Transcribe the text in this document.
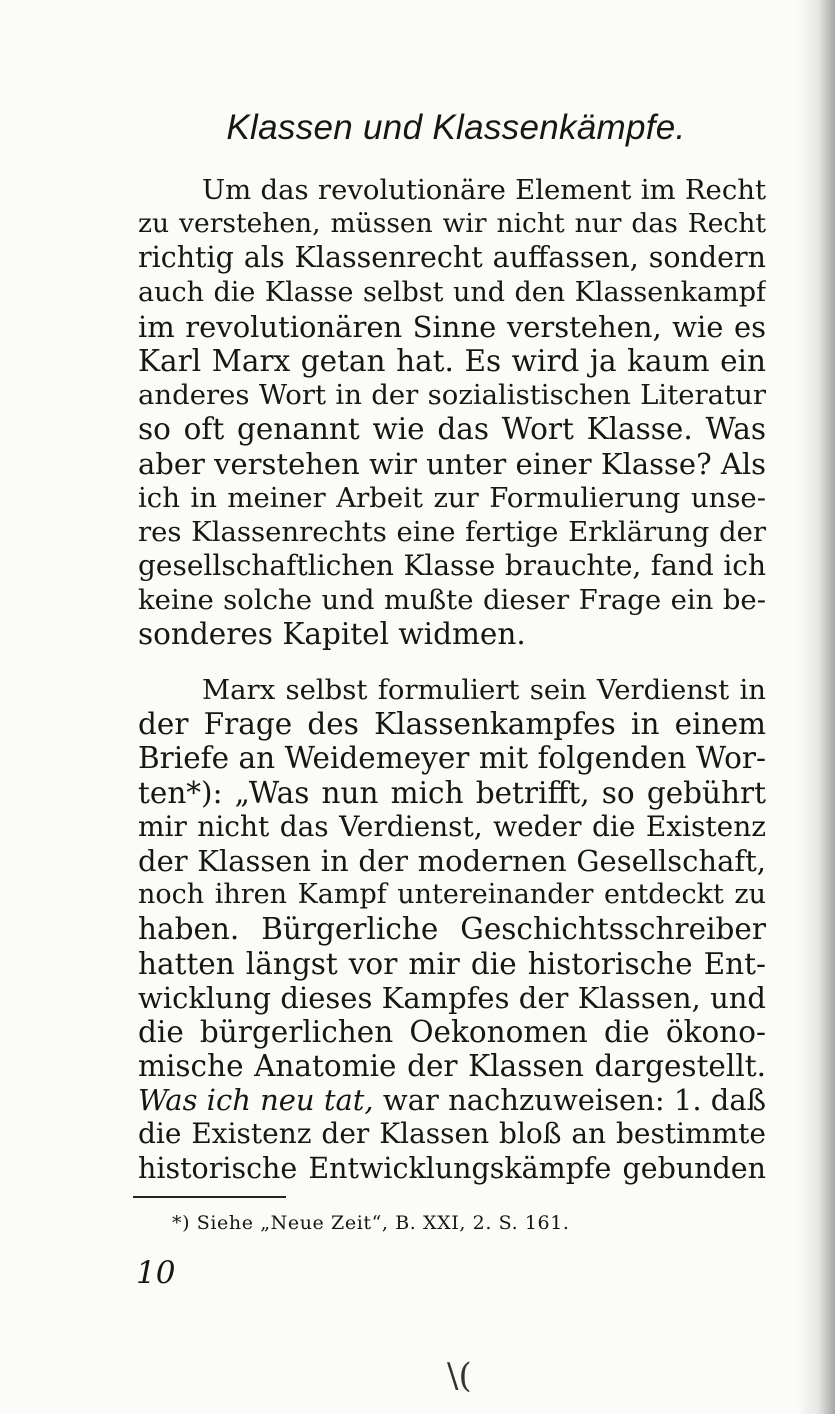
Klassen und Klassenkämpfe.
Um das revolutionäre Element im Recht
zu verstehen, müssen wir nicht nur das Recht
richtig als Klassenrecht auffassen, sondern
auch die Klasse selbst und den Klassenkampf
im revolutionären Sinne verstehen, wie es
Karl Marx getan hat. Es wird ja kaum ein
anderes Wort in der sozialistischen Literatur
so oft genannt wie das Wort Klasse. Was
aber verstehen wir unter einer Klasse? Als
ich in meiner Arbeit zur Formulierung unse-
res Klassenrechts eine fertige Erklärung der
gesellschaftlichen Klasse brauchte, fand ich
keine solche und mußte dieser Frage ein be-
sonderes Kapitel widmen.
Marx selbst formuliert sein Verdienst in
der Frage des Klassenkampfes in einem
Briefe an Weidemeyer mit folgenden Wor-
ten*): „Was nun mich betrifft, so gebührt
mir nicht das Verdienst, weder die Existenz
der Klassen in der modernen Gesellschaft,
noch ihren Kampf untereinander entdeckt zu
haben. Bürgerliche Geschichtsschreiber
hatten längst vor mir die historische Ent-
wicklung dieses Kampfes der Klassen, und
die bürgerlichen Oekonomen die ökono-
mische Anatomie der Klassen dargestellt.
Was ich neu tat, war nachzuweisen: 1. daß
die Existenz der Klassen bloß an bestimmte
historische Entwicklungskämpfe gebunden
*) Siehe „Neue Zeit“, B. XXI, 2. S. 161.
10
\(
